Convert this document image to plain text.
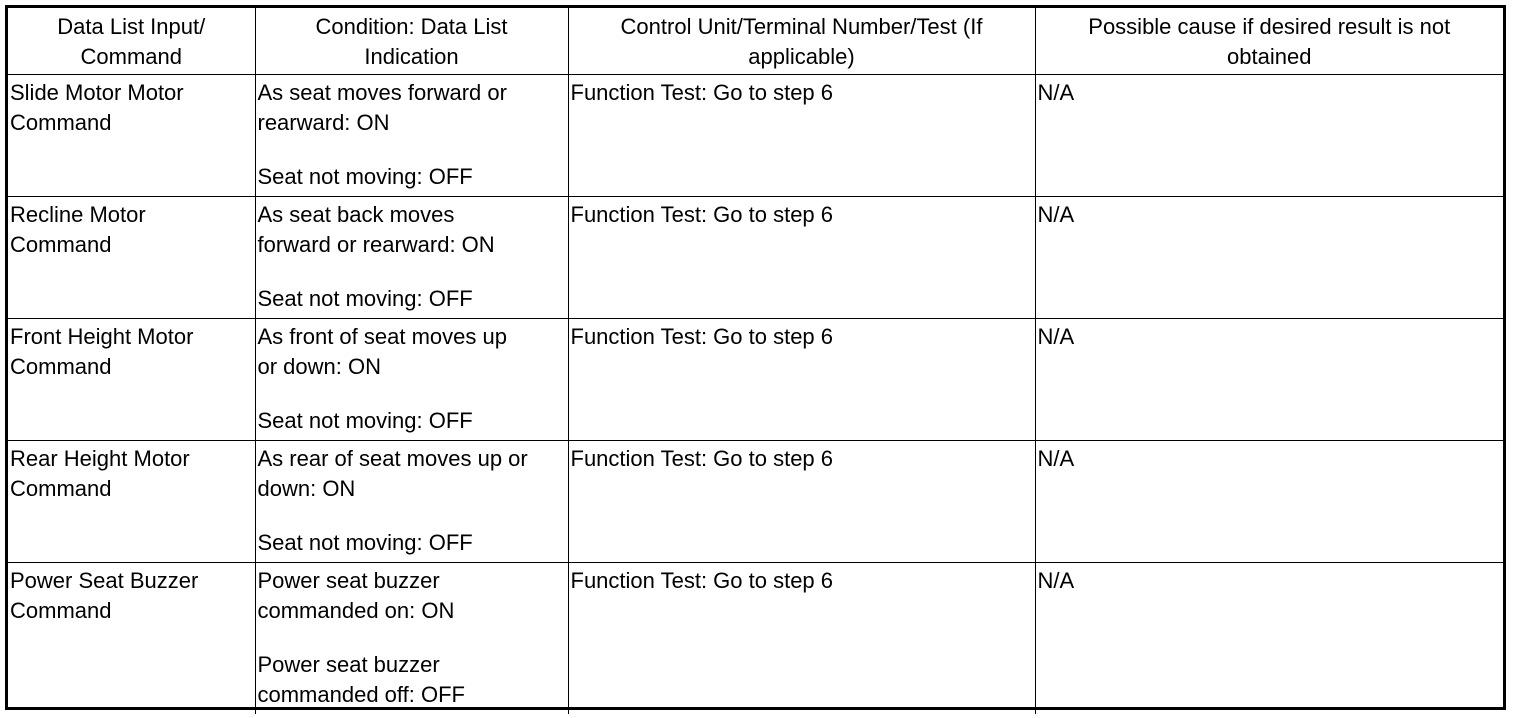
Data List Input/
Command	Condition: Data List
Indication	Control Unit/Terminal Number/Test (If
applicable)	Possible cause if desired result is not
obtained

Slide Motor Motor
Command	As seat moves forward or
rearward: ON
Seat not moving: OFF	Function Test: Go to step 6	N/A

Recline Motor
Command	As seat back moves
forward or rearward: ON
Seat not moving: OFF	Function Test: Go to step 6	N/A

Front Height Motor
Command	As front of seat moves up
or down: ON
Seat not moving: OFF	Function Test: Go to step 6	N/A

Rear Height Motor
Command	As rear of seat moves up or
down: ON
Seat not moving: OFF	Function Test: Go to step 6	N/A

Power Seat Buzzer
Command	Power seat buzzer
commanded on: ON
Power seat buzzer
commanded off: OFF	Function Test: Go to step 6	N/A
